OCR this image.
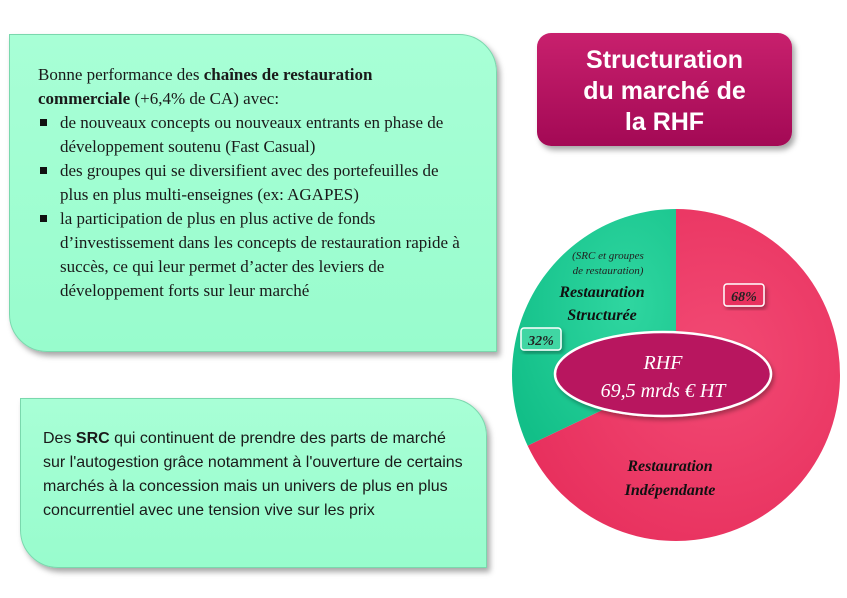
Bonne performance des chaînes de restauration commerciale (+6,4% de CA) avec:
de nouveaux concepts ou nouveaux entrants en phase de développement soutenu (Fast Casual)
des groupes qui se diversifient avec des portefeuilles de plus en plus multi-enseignes (ex: AGAPES)
la participation de plus en plus active de fonds d’investissement dans les concepts de restauration rapide à succès, ce qui leur permet d’acter des leviers de développement forts sur leur marché
Des SRC qui continuent de prendre des parts de marché sur l'autogestion grâce notamment à l'ouverture de certains marchés à la concession mais un univers de plus en plus concurrentiel avec une tension vive sur les prix
Structuration
du marché de
la RHF
Restauration
Indépendante
(SRC et groupes
de restauration)
Restauration
Structurée
68%
32%
RHF
69,5 mrds € HT
